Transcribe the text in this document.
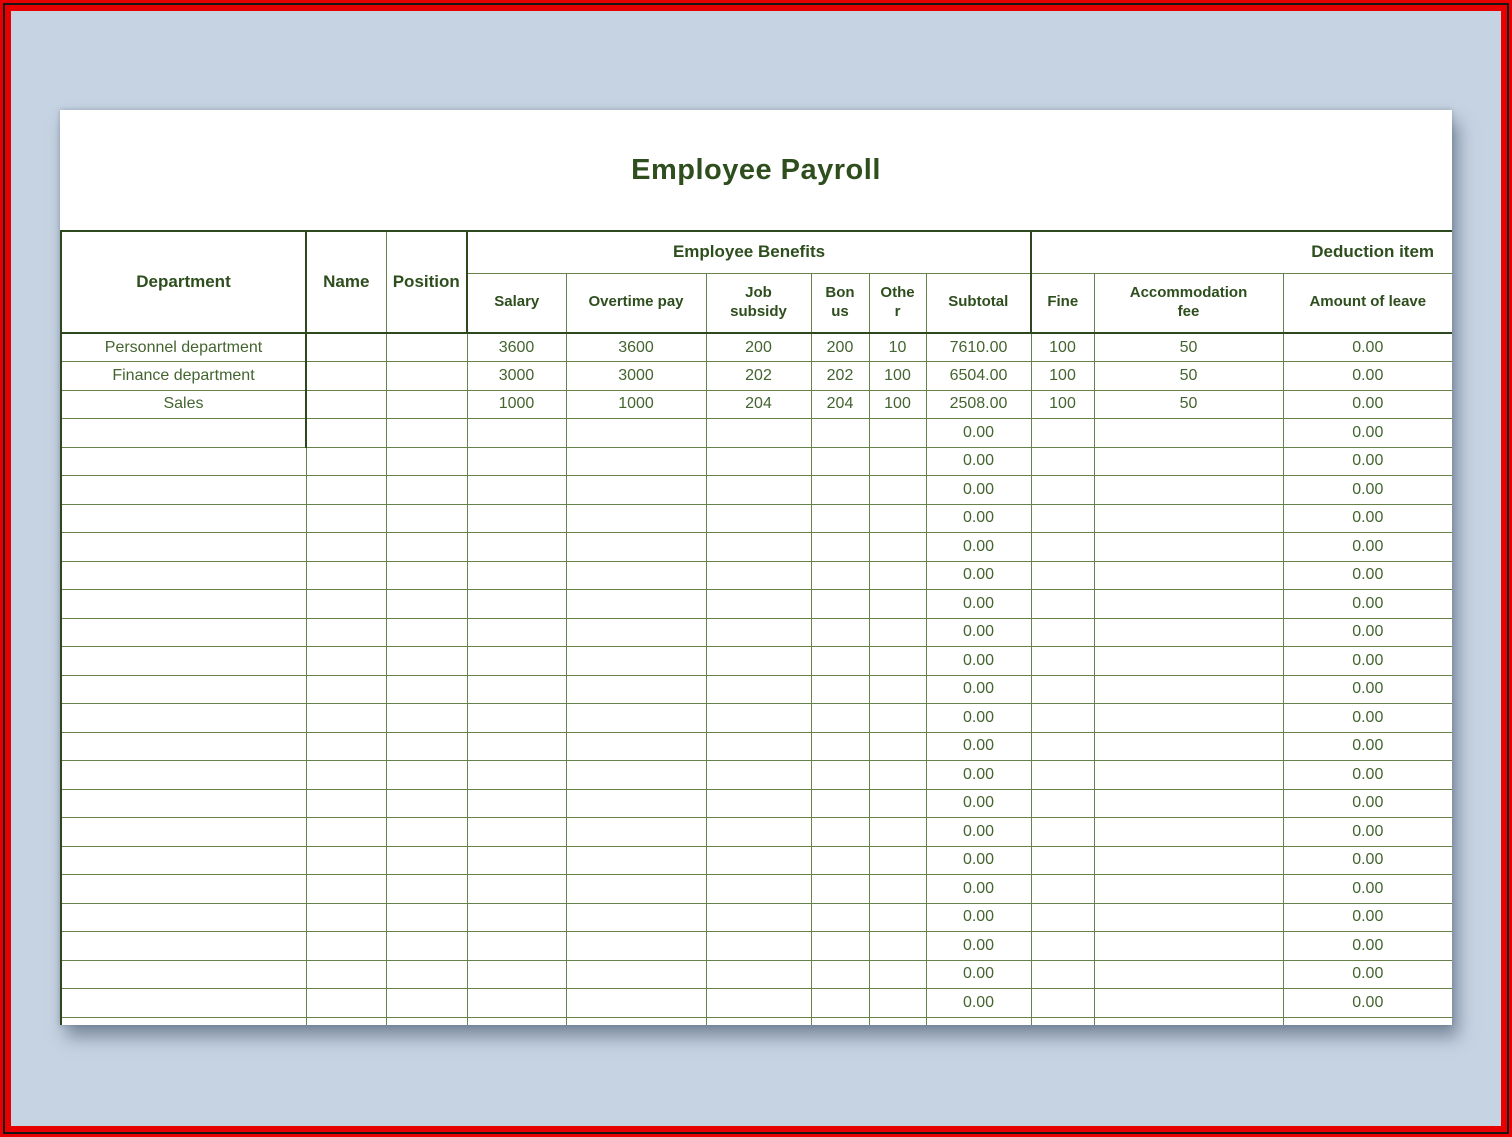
Employee Payroll
Department	Name	Position	Employee Benefits						Deduction item		
			Salary	Overtime pay	Job subsidy	Bonus	Other	Subtotal	Fine	Accommodation fee	Amount of leave
Personnel department			3600	3600	200	200	10	7610.00	100	50	0.00
Finance department			3000	3000	202	202	100	6504.00	100	50	0.00
Sales			1000	1000	204	204	100	2508.00	100	50	0.00
								0.00			0.00
								0.00			0.00
								0.00			0.00
								0.00			0.00
								0.00			0.00
								0.00			0.00
								0.00			0.00
								0.00			0.00
								0.00			0.00
								0.00			0.00
								0.00			0.00
								0.00			0.00
								0.00			0.00
								0.00			0.00
								0.00			0.00
								0.00			0.00
								0.00			0.00
								0.00			0.00
								0.00			0.00
								0.00			0.00
								0.00			0.00
